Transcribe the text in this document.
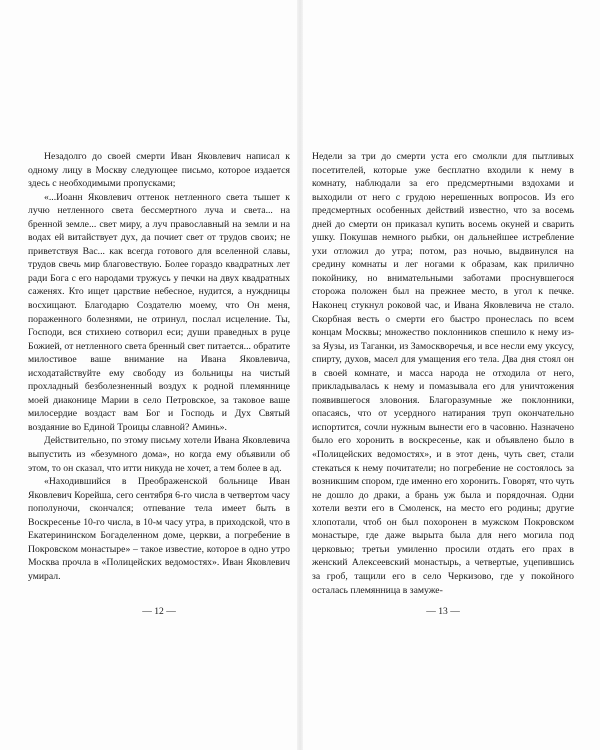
Незадолго до своей смерти Иван Яковлевич написал к одному лицу в Москву следующее письмо, которое издается здесь с необходимыми пропусками;

«...Иоанн Яковлевич оттенок нетленного света тышет к лучю нетленного света бессмертного луча и света... на бренной земле... свет миру, а луч православный на земли и на водах ей витайствует дух, да почиет свет от трудов своих; не приветствуя Вас... как всегда готового для вселенной славы, трудов свечь мир благовествую. Более гораздо квадратных лет ради Бога с его народами тружусь у печки на двух квадратных саженях. Кто ищет царствие небесное, нудится, а нуждницы восхищают. Благодарю Создателю моему, что Он меня, пораженного болезнями, не отринул, послал исцеление. Ты, Господи, вся стихиею сотворил еси; души праведных в руце Божией, от нетленного света бренный свет питается... обратите милостивое ваше внимание на Ивана Яковлевича, исходатайствуйте ему свободу из больницы на чистый прохладный безболезненный воздух к родной племяннице моей диаконице Марии в село Петровское, за таковое ваше милосердие воздаст вам Бог и Господь и Дух Святый воздаяние во Единой Троицы славной? Аминь».

Действительно, по этому письму хотели Ивана Яковлевича выпустить из «безумного дома», но когда ему объявили об этом, то он сказал, что итти никуда не хочет, а тем более в ад.

«Находившийся в Преображенской больнице Иван Яковлевич Корейша, сего сентября 6-го числа в четвертом часу пополуночи, скончался; отпевание тела имеет быть в Воскресенье 10-го числа, в 10-м часу утра, в приходской, что в Екатерининском Богаделенном доме, церкви, а погребение в Покровском монастыре» – такое известие, которое в одно утро Москва прочла в «Полицейских ведомостях». Иван Яковлевич умирал.

— 12 —

Недели за три до смерти уста его смолкли для пытливых посетителей, которые уже бесплатно входили к нему в комнату, наблюдали за его предсмертными вздохами и выходили от него с грудою нерешенных вопросов. Из его предсмертных особенных действий известно, что за восемь дней до смерти он приказал купить восемь окуней и сварить ушку. Покушав немного рыбки, он дальнейшее истребление ухи отложил до утра; потом, раз ночью, выдвинулся на средину комнаты и лег ногами к образам, как прилично покойнику, но внимательными заботами проснувшегося сторожа положен был на прежнее место, в угол к печке. Наконец стукнул роковой час, и Ивана Яковлевича не стало. Скорбная весть о смерти его быстро пронеслась по всем концам Москвы; множество поклонников спешило к нему из-за Яузы, из Таганки, из Замоскворечья, и все несли ему уксусу, спирту, духов, масел для умащения его тела. Два дня стоял он в своей комнате, и масса народа не отходила от него, прикладывалась к нему и помазывала его для уничтожения появившегося зловония. Благоразумные же поклонники, опасаясь, что от усердного натирания труп окончательно испортится, сочли нужным вынести его в часовню. Назначено было его хоронить в воскресенье, как и объявлено было в «Полицейских ведомостях», и в этот день, чуть свет, стали стекаться к нему почитатели; но погребение не состоялось за возникшим спором, где именно его хоронить. Говорят, что чуть не дошло до драки, а брань уж была и порядочная. Одни хотели везти его в Смоленск, на место его родины; другие хлопотали, чтоб он был похоронен в мужском Покровском монастыре, где даже вырыта была для него могила под церковью; третьи умиленно просили отдать его прах в женский Алексеевский монастырь, а четвертые, уцепившись за гроб, тащили его в село Черкизово, где у покойного осталась племянница в замуже-

— 13 —
